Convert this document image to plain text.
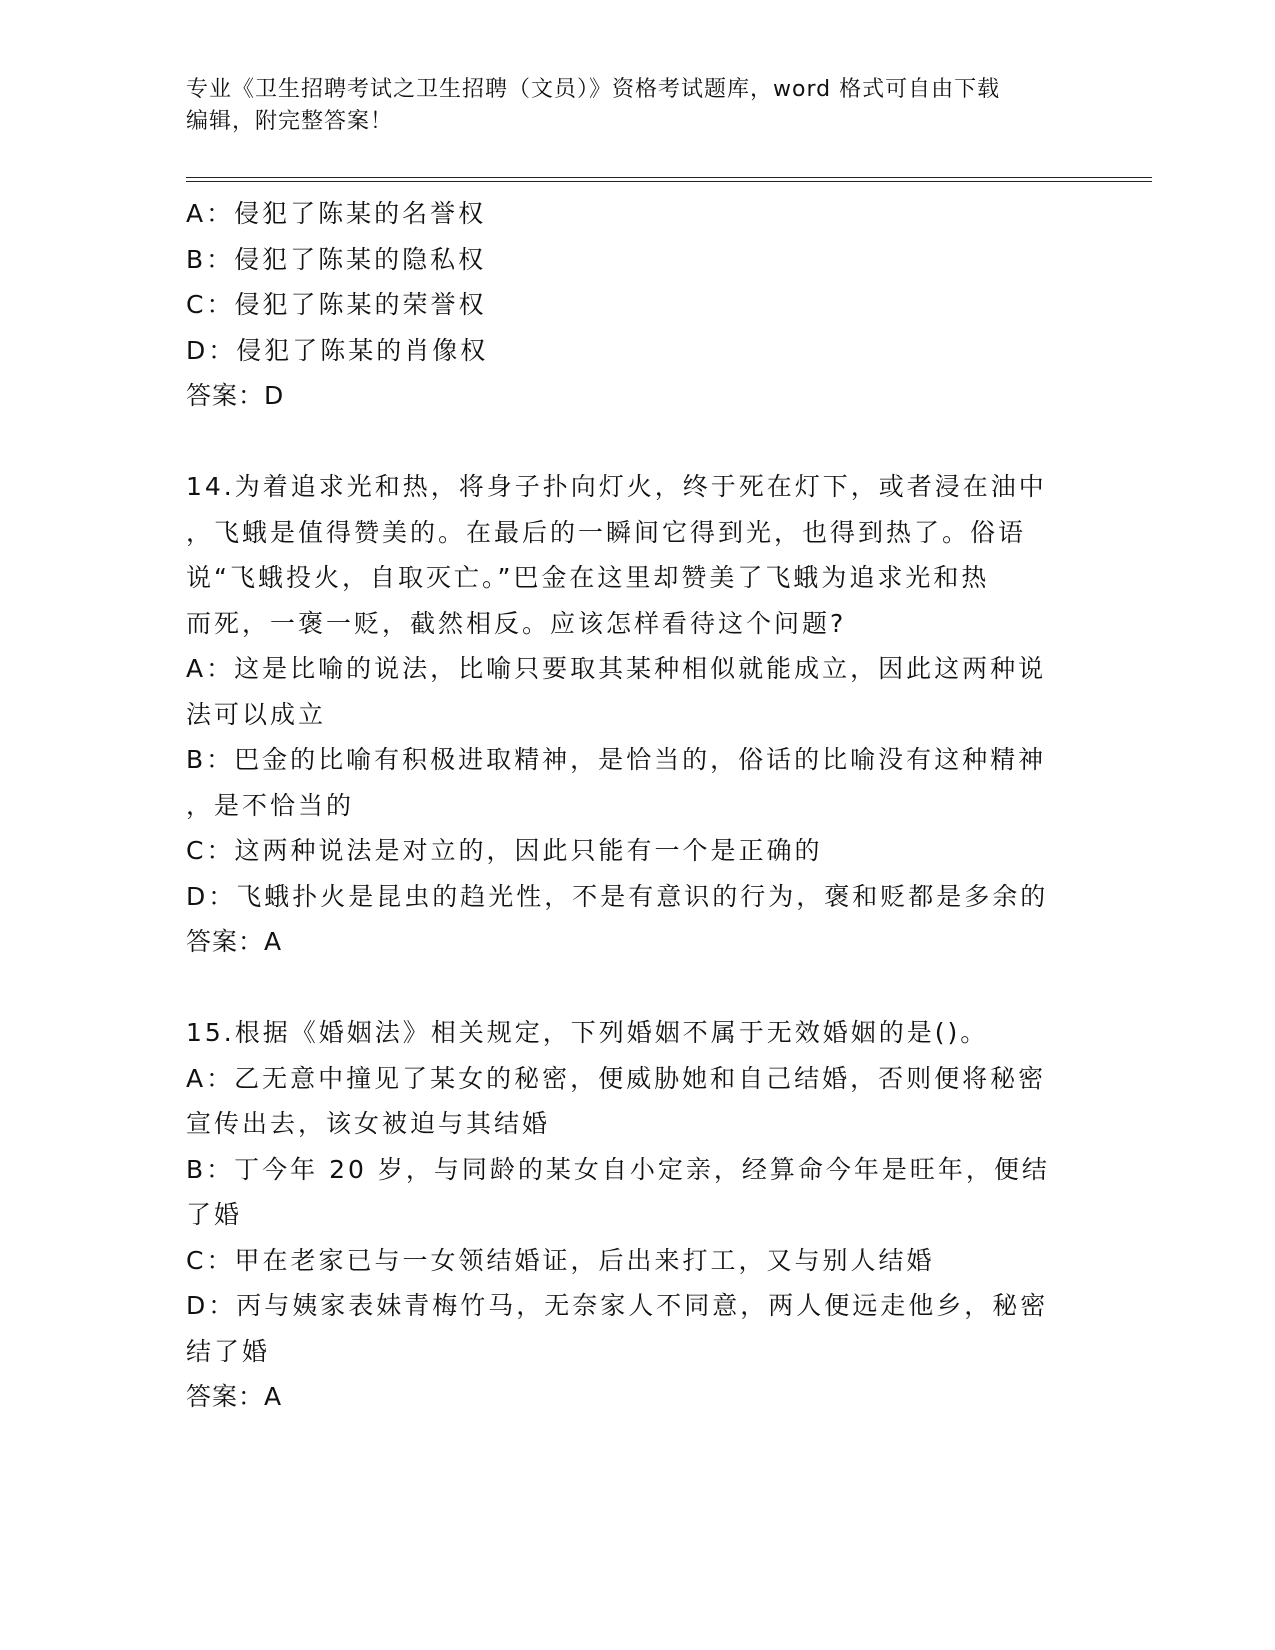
专业《卫生招聘考试之卫生招聘（文员）》资格考试题库，word 格式可自由下载
编辑，附完整答案！
A：侵犯了陈某的名誉权
B：侵犯了陈某的隐私权
C：侵犯了陈某的荣誉权
D：侵犯了陈某的肖像权
答案：D
14.为着追求光和热，将身子扑向灯火，终于死在灯下，或者浸在油中
，飞蛾是值得赞美的。在最后的一瞬间它得到光，也得到热了。俗语
说“飞蛾投火，自取灭亡。”巴金在这里却赞美了飞蛾为追求光和热
而死，一褒一贬，截然相反。应该怎样看待这个问题?
A：这是比喻的说法，比喻只要取其某种相似就能成立，因此这两种说
法可以成立
B：巴金的比喻有积极进取精神，是恰当的，俗话的比喻没有这种精神
，是不恰当的
C：这两种说法是对立的，因此只能有一个是正确的
D：飞蛾扑火是昆虫的趋光性，不是有意识的行为，褒和贬都是多余的
答案：A
15.根据《婚姻法》相关规定，下列婚姻不属于无效婚姻的是()。
A：乙无意中撞见了某女的秘密，便威胁她和自己结婚，否则便将秘密
宣传出去，该女被迫与其结婚
B：丁今年 20 岁，与同龄的某女自小定亲，经算命今年是旺年，便结
了婚
C：甲在老家已与一女领结婚证，后出来打工，又与别人结婚
D：丙与姨家表妹青梅竹马，无奈家人不同意，两人便远走他乡，秘密
结了婚
答案：A
